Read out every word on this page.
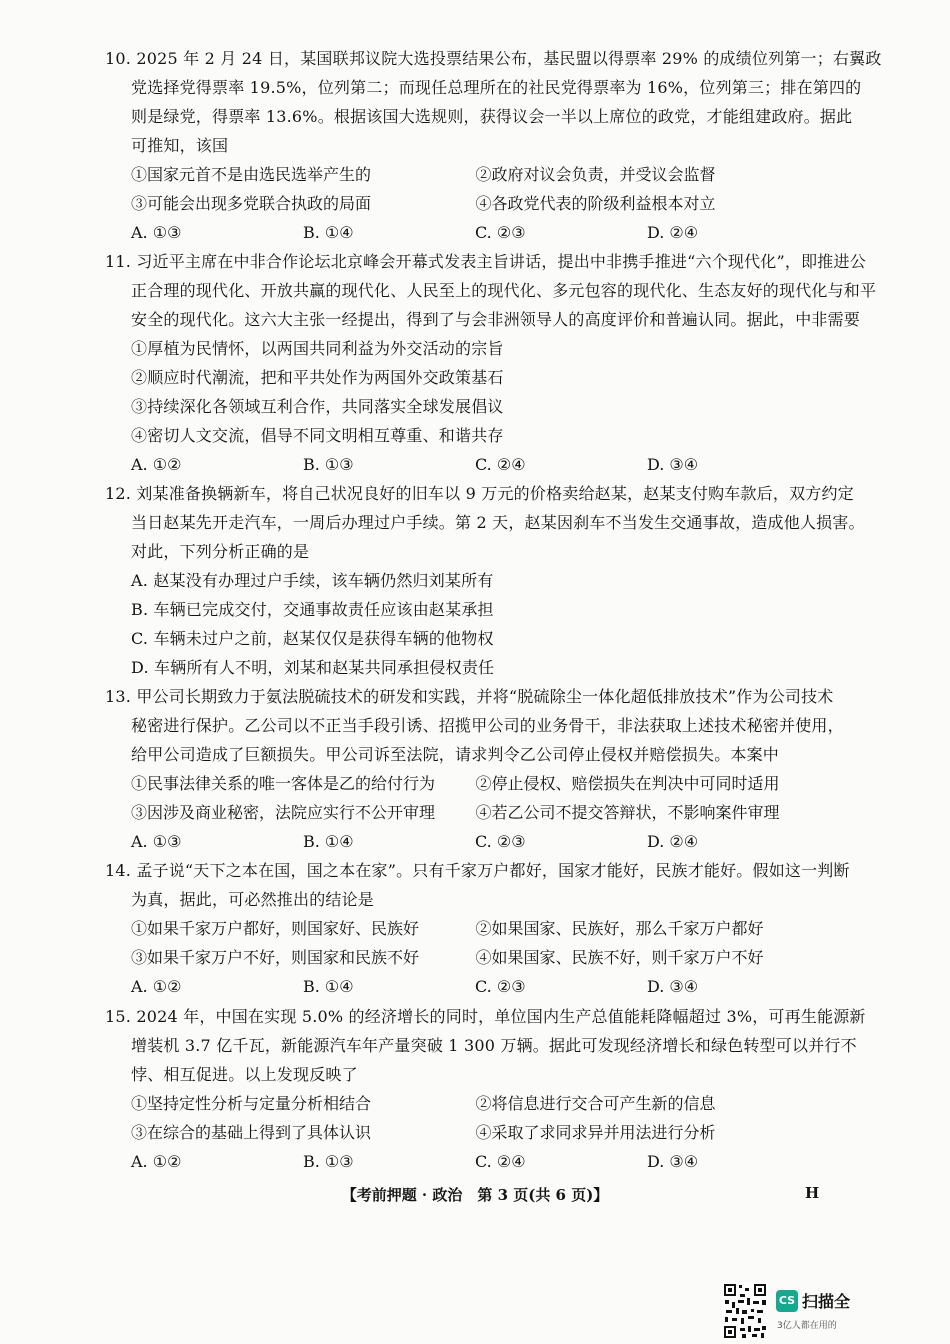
10. 2025 年 2 月 24 日，某国联邦议院大选投票结果公布，基民盟以得票率 29% 的成绩位列第一；右翼政
党选择党得票率 19.5%，位列第二；而现任总理所在的社民党得票率为 16%，位列第三；排在第四的
则是绿党，得票率 13.6%。根据该国大选规则，获得议会一半以上席位的政党，才能组建政府。据此
可推知，该国
①国家元首不是由选民选举产生的	②政府对议会负责，并受议会监督
③可能会出现多党联合执政的局面	④各政党代表的阶级利益根本对立
A. ①③	B. ①④	C. ②③	D. ②④
11. 习近平主席在中非合作论坛北京峰会开幕式发表主旨讲话，提出中非携手推进“六个现代化”，即推进公
正合理的现代化、开放共赢的现代化、人民至上的现代化、多元包容的现代化、生态友好的现代化与和平
安全的现代化。这六大主张一经提出，得到了与会非洲领导人的高度评价和普遍认同。据此，中非需要
①厚植为民情怀，以两国共同利益为外交活动的宗旨
②顺应时代潮流，把和平共处作为两国外交政策基石
③持续深化各领域互利合作，共同落实全球发展倡议
④密切人文交流，倡导不同文明相互尊重、和谐共存
A. ①②	B. ①③	C. ②④	D. ③④
12. 刘某准备换辆新车，将自己状况良好的旧车以 9 万元的价格卖给赵某，赵某支付购车款后，双方约定
当日赵某先开走汽车，一周后办理过户手续。第 2 天，赵某因刹车不当发生交通事故，造成他人损害。
对此，下列分析正确的是
A. 赵某没有办理过户手续，该车辆仍然归刘某所有
B. 车辆已完成交付，交通事故责任应该由赵某承担
C. 车辆未过户之前，赵某仅仅是获得车辆的他物权
D. 车辆所有人不明，刘某和赵某共同承担侵权责任
13. 甲公司长期致力于氨法脱硫技术的研发和实践，并将“脱硫除尘一体化超低排放技术”作为公司技术
秘密进行保护。乙公司以不正当手段引诱、招揽甲公司的业务骨干，非法获取上述技术秘密并使用，
给甲公司造成了巨额损失。甲公司诉至法院，请求判令乙公司停止侵权并赔偿损失。本案中
①民事法律关系的唯一客体是乙的给付行为	②停止侵权、赔偿损失在判决中可同时适用
③因涉及商业秘密，法院应实行不公开审理	④若乙公司不提交答辩状，不影响案件审理
A. ①③	B. ①④	C. ②③	D. ②④
14. 孟子说“天下之本在国，国之本在家”。只有千家万户都好，国家才能好，民族才能好。假如这一判断
为真，据此，可必然推出的结论是
①如果千家万户都好，则国家好、民族好	②如果国家、民族好，那么千家万户都好
③如果千家万户不好，则国家和民族不好	④如果国家、民族不好，则千家万户不好
A. ①②	B. ①④	C. ②③	D. ③④
15. 2024 年，中国在实现 5.0% 的经济增长的同时，单位国内生产总值能耗降幅超过 3%，可再生能源新
增装机 3.7 亿千瓦，新能源汽车年产量突破 1 300 万辆。据此可发现经济增长和绿色转型可以并行不
悖、相互促进。以上发现反映了
①坚持定性分析与定量分析相结合	②将信息进行交合可产生新的信息
③在综合的基础上得到了具体认识	④采取了求同求异并用法进行分析
A. ①②	B. ①③	C. ②④	D. ③④
【考前押题 · 政治　第 3 页(共 6 页)】	H
CS 扫描全
3亿人都在用的
